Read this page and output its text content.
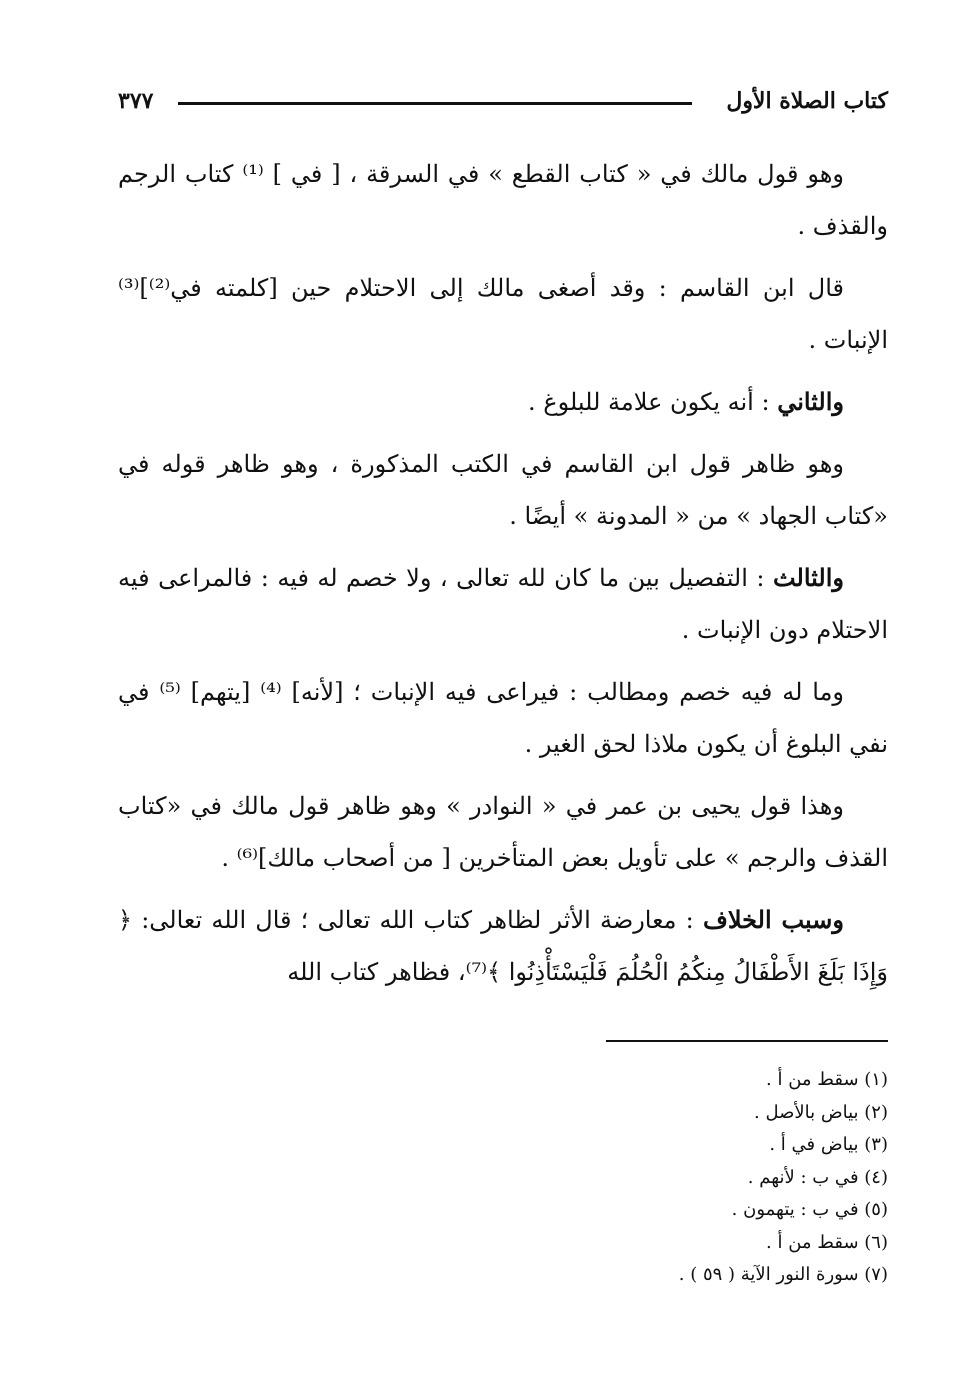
كتاب الصلاة الأول
٣٧٧

وهو قول مالك في « كتاب القطع » في السرقة ، [ في ] ⁽¹⁾ كتاب الرجم والقذف .

قال ابن القاسم : وقد أصغى مالك إلى الاحتلام حين [كلمته في⁽²⁾]⁽³⁾ الإنبات .

والثاني : أنه يكون علامة للبلوغ .

وهو ظاهر قول ابن القاسم في الكتب المذكورة ، وهو ظاهر قوله في «كتاب الجهاد » من « المدونة » أيضًا .

والثالث : التفصيل بين ما كان لله تعالى ، ولا خصم له فيه : فالمراعى فيه الاحتلام دون الإنبات .

وما له فيه خصم ومطالب : فيراعى فيه الإنبات ؛ [لأنه] ⁽⁴⁾ [يتهم] ⁽⁵⁾ في نفي البلوغ أن يكون ملاذا لحق الغير .

وهذا قول يحيى بن عمر في « النوادر » وهو ظاهر قول مالك في «كتاب القذف والرجم » على تأويل بعض المتأخرين [ من أصحاب مالك]⁽⁶⁾ .

وسبب الخلاف : معارضة الأثر لظاهر كتاب الله تعالى ؛ قال الله تعالى: ﴿ وَإِذَا بَلَغَ الأَطْفَالُ مِنكُمُ الْحُلُمَ فَلْيَسْتَأْذِنُوا ﴾⁽⁷⁾، فظاهر كتاب الله

(١) سقط من أ .
(٢) بياض بالأصل .
(٣) بياض في أ .
(٤) في ب : لأنهم .
(٥) في ب : يتهمون .
(٦) سقط من أ .
(٧) سورة النور الآية ( ٥٩ ) .
